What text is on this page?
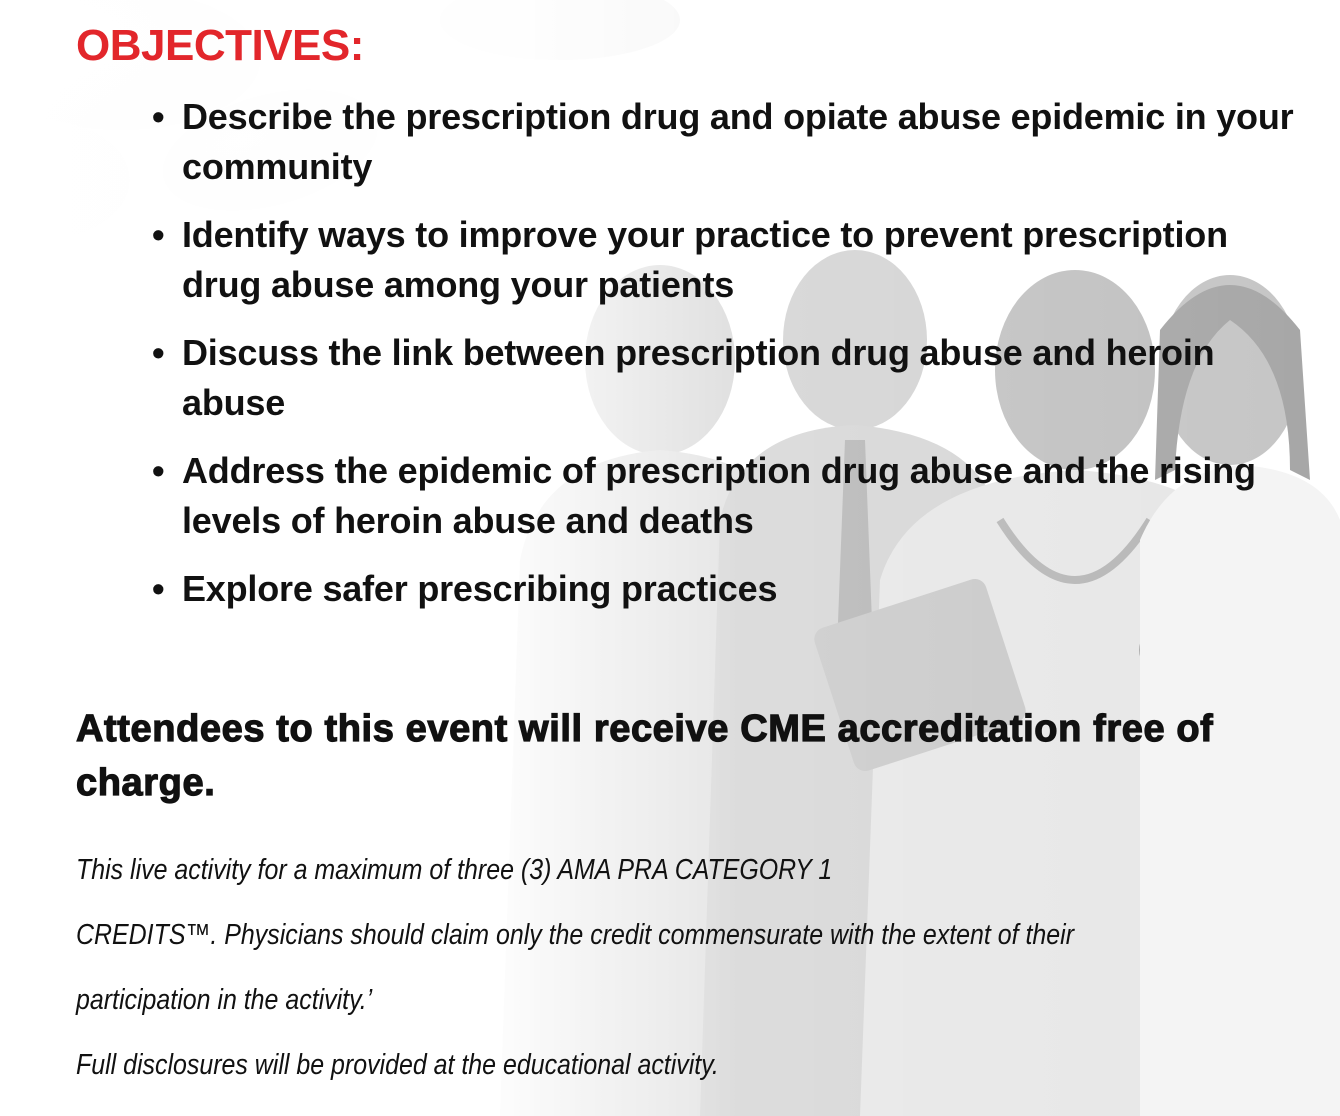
OBJECTIVES:
• Describe the prescription drug and opiate abuse epidemic in your community
• Identify ways to improve your practice to prevent prescription drug abuse among your patients
• Discuss the link between prescription drug abuse and heroin abuse
• Address the epidemic of prescription drug abuse and the rising levels of heroin abuse and deaths
• Explore safer prescribing practices

Attendees to this event will receive CME accreditation free of charge.

This live activity for a maximum of three (3) AMA PRA CATEGORY 1
CREDITS™. Physicians should claim only the credit commensurate with the extent of their
participation in the activity.’
Full disclosures will be provided at the educational activity.
